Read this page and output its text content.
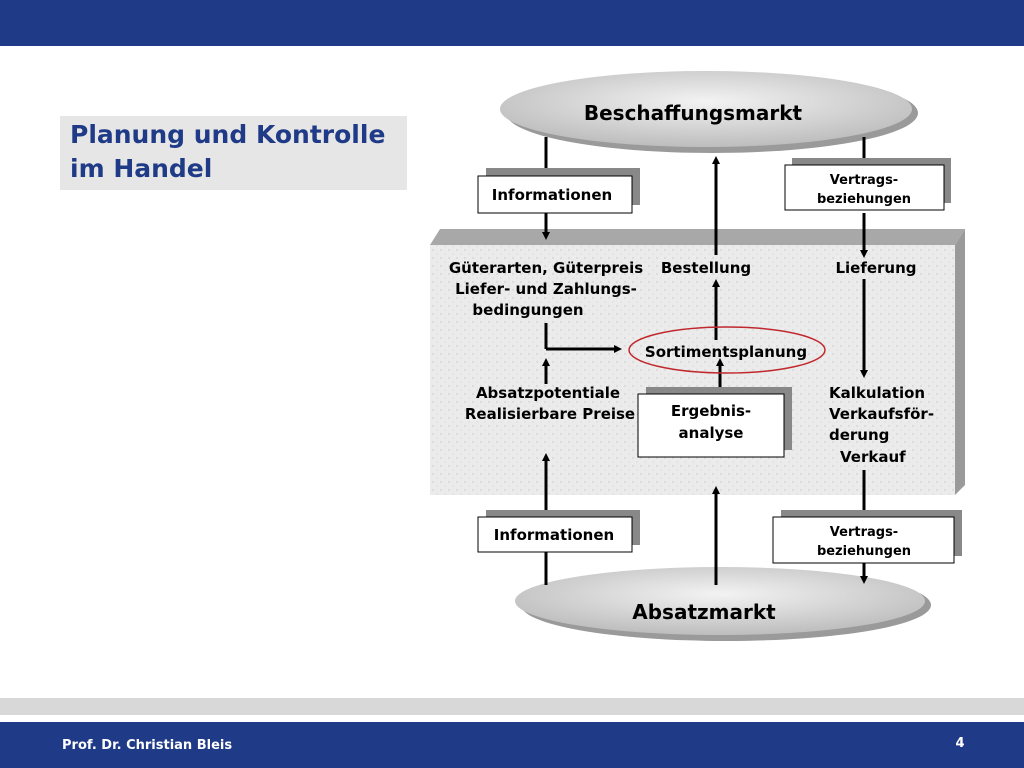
Planung und Kontrolle
im Handel
Beschaffungsmarkt
Absatzmarkt
Informationen
Vertrags-
beziehungen
Güterarten, Güterpreis
Liefer- und Zahlungs-
bedingungen
Bestellung	Lieferung
Sortimentsplanung
Absatzpotentiale
Realisierbare Preise Ergebnis-
analyse
Kalkulation
Verkaufsför-
derung
Verkauf
Informationen	Vertrags-
beziehungen
Prof. Dr. Christian Bleis	4
